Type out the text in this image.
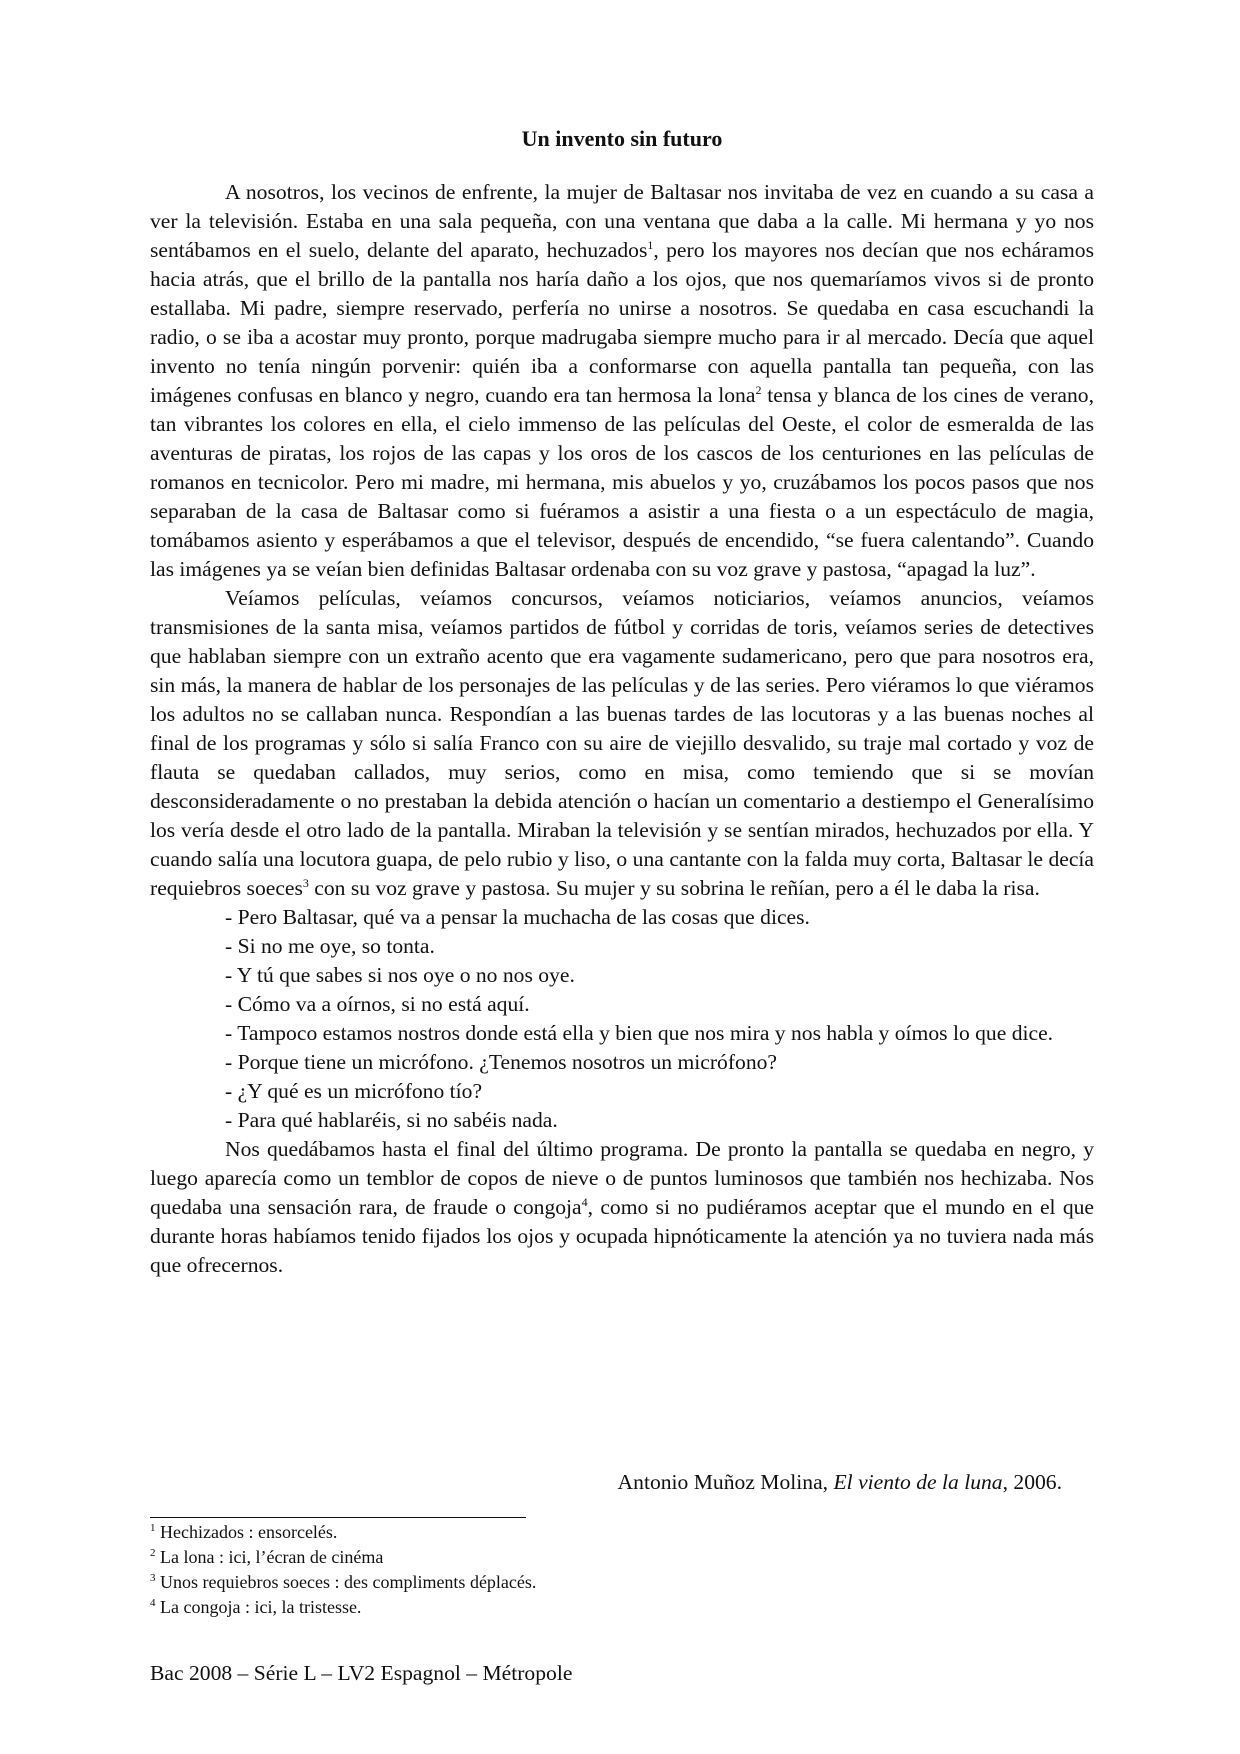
Un invento sin futuro

A nosotros, los vecinos de enfrente, la mujer de Baltasar nos invitaba de vez en cuando a su casa a ver la televisión. Estaba en una sala pequeña, con una ventana que daba a la calle. Mi hermana y yo nos sentábamos en el suelo, delante del aparato, hechuzados$^1$, pero los mayores nos decían que nos echáramos hacia atrás, que el brillo de la pantalla nos haría daño a los ojos, que nos quemaríamos vivos si de pronto estallaba. Mi padre, siempre reservado, perfería no unirse a nosotros. Se quedaba en casa escuchandi la radio, o se iba a acostar muy pronto, porque madrugaba siempre mucho para ir al mercado. Decía que aquel invento no tenía ningún porvenir: quién iba a conformarse con aquella pantalla tan pequeña, con las imágenes confusas en blanco y negro, cuando era tan hermosa la lona$^2$ tensa y blanca de los cines de verano, tan vibrantes los colores en ella, el cielo immenso de las películas del Oeste, el color de esmeralda de las aventuras de piratas, los rojos de las capas y los oros de los cascos de los centuriones en las películas de romanos en tecnicolor. Pero mi madre, mi hermana, mis abuelos y yo, cruzábamos los pocos pasos que nos separaban de la casa de Baltasar como si fuéramos a asistir a una fiesta o a un espectáculo de magia, tomábamos asiento y esperábamos a que el televisor, después de encendido, “se fuera calentando”. Cuando las imágenes ya se veían bien definidas Baltasar ordenaba con su voz grave y pastosa, “apagad la luz”.

Veíamos películas, veíamos concursos, veíamos noticiarios, veíamos anuncios, veíamos transmisiones de la santa misa, veíamos partidos de fútbol y corridas de toris, veíamos series de detectives que hablaban siempre con un extraño acento que era vagamente sudamericano, pero que para nosotros era, sin más, la manera de hablar de los personajes de las películas y de las series. Pero viéramos lo que viéramos los adultos no se callaban nunca. Respondían a las buenas tardes de las locutoras y a las buenas noches al final de los programas y sólo si salía Franco con su aire de viejillo desvalido, su traje mal cortado y voz de flauta se quedaban callados, muy serios, como en misa, como temiendo que si se movían desconsideradamente o no prestaban la debida atención o hacían un comentario a destiempo el Generalísimo los vería desde el otro lado de la pantalla. Miraban la televisión y se sentían mirados, hechuzados por ella. Y cuando salía una locutora guapa, de pelo rubio y liso, o una cantante con la falda muy corta, Baltasar le decía requiebros soeces$^3$ con su voz grave y pastosa. Su mujer y su sobrina le reñían, pero a él le daba la risa.

- Pero Baltasar, qué va a pensar la muchacha de las cosas que dices.

- Si no me oye, so tonta.

- Y tú que sabes si nos oye o no nos oye.

- Cómo va a oírnos, si no está aquí.

- Tampoco estamos nostros donde está ella y bien que nos mira y nos habla y oímos lo que dice.

- Porque tiene un micrófono. ¿Tenemos nosotros un micrófono?

- ¿Y qué es un micrófono tío?

- Para qué hablaréis, si no sabéis nada.

Nos quedábamos hasta el final del último programa. De pronto la pantalla se quedaba en negro, y luego aparecía como un temblor de copos de nieve o de puntos luminosos que también nos hechizaba. Nos quedaba una sensación rara, de fraude o congoja$^4$, como si no pudiéramos aceptar que el mundo en el que durante horas habíamos tenido fijados los ojos y ocupada hipnóticamente la atención ya no tuviera nada más que ofrecernos.

Antonio Muñoz Molina, El viento de la luna, 2006.
$^1$ Hechizados : ensorcelés.
$^2$ La lona : ici, l’écran de cinéma
$^3$ Unos requiebros soeces : des compliments déplacés.
$^4$ La congoja : ici, la tristesse.
Bac 2008 – Série L – LV2 Espagnol – Métropole
